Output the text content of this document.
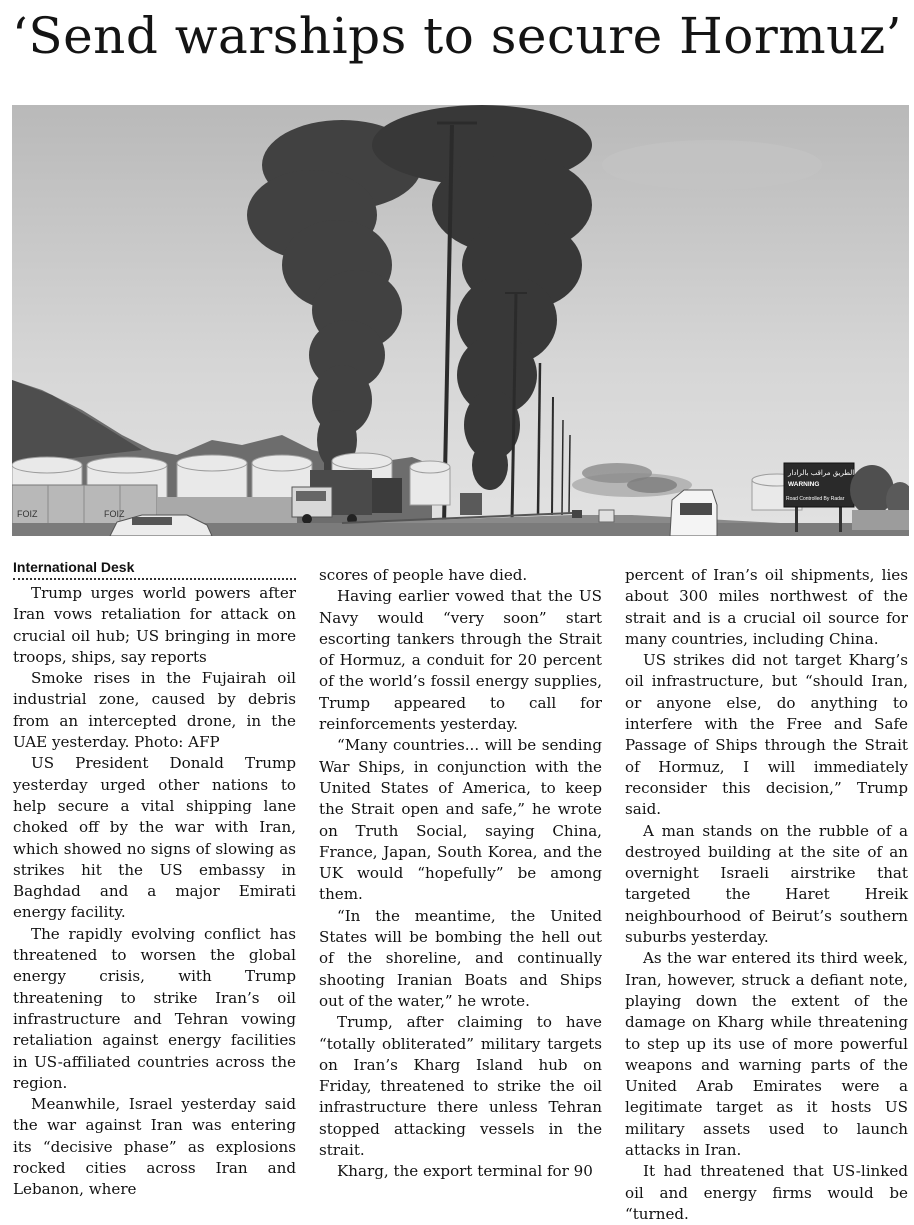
‘Send warships to secure Hormuz’
FOIZ	FOIZ
الطريق مراقب بالرادار
WARNING
Road Controlled By Radar
International Desk

Trump urges world powers after Iran vows retaliation for attack on crucial oil hub; US bringing in more troops, ships, say reports

Smoke rises in the Fujairah oil industrial zone, caused by debris from an intercepted drone, in the UAE yesterday. Photo: AFP

US President Donald Trump yesterday urged other nations to help secure a vital shipping lane choked off by the war with Iran, which showed no signs of slowing as strikes hit the US embassy in Baghdad and a major Emirati energy facility.

The rapidly evolving conflict has threatened to worsen the global energy crisis, with Trump threatening to strike Iran’s oil infrastructure and Tehran vowing retaliation against energy facilities in US-affiliated countries across the region.

Meanwhile, Israel yesterday said the war against Iran was entering its “decisive phase” as explosions rocked cities across Iran and Lebanon, where

scores of people have died.

Having earlier vowed that the US Navy would “very soon” start escorting tankers through the Strait of Hormuz, a conduit for 20 percent of the world’s fossil energy supplies, Trump appeared to call for reinforcements yesterday.

“Many countries... will be sending War Ships, in conjunction with the United States of America, to keep the Strait open and safe,” he wrote on Truth Social, saying China, France, Japan, South Korea, and the UK would “hopefully” be among them.

“In the meantime, the United States will be bombing the hell out of the shoreline, and continually shooting Iranian Boats and Ships out of the water,” he wrote.

Trump, after claiming to have “totally obliterated” military targets on Iran’s Kharg Island hub on Friday, threatened to strike the oil infrastructure there unless Tehran stopped attacking vessels in the strait.

Kharg, the export terminal for 90

percent of Iran’s oil shipments, lies about 300 miles northwest of the strait and is a crucial oil source for many countries, including China.

US strikes did not target Kharg’s oil infrastructure, but “should Iran, or anyone else, do anything to interfere with the Free and Safe Passage of Ships through the Strait of Hormuz, I will immediately reconsider this decision,” Trump said.

A man stands on the rubble of a destroyed building at the site of an overnight Israeli airstrike that targeted the Haret Hreik neighbourhood of Beirut’s southern suburbs yesterday.

As the war entered its third week, Iran, however, struck a defiant note, playing down the extent of the damage on Kharg while threatening to step up its use of more powerful weapons and warning parts of the United Arab Emirates were a legitimate target as it hosts US military assets used to launch attacks in Iran.

It had threatened that US-linked oil and energy firms would be “turned.
